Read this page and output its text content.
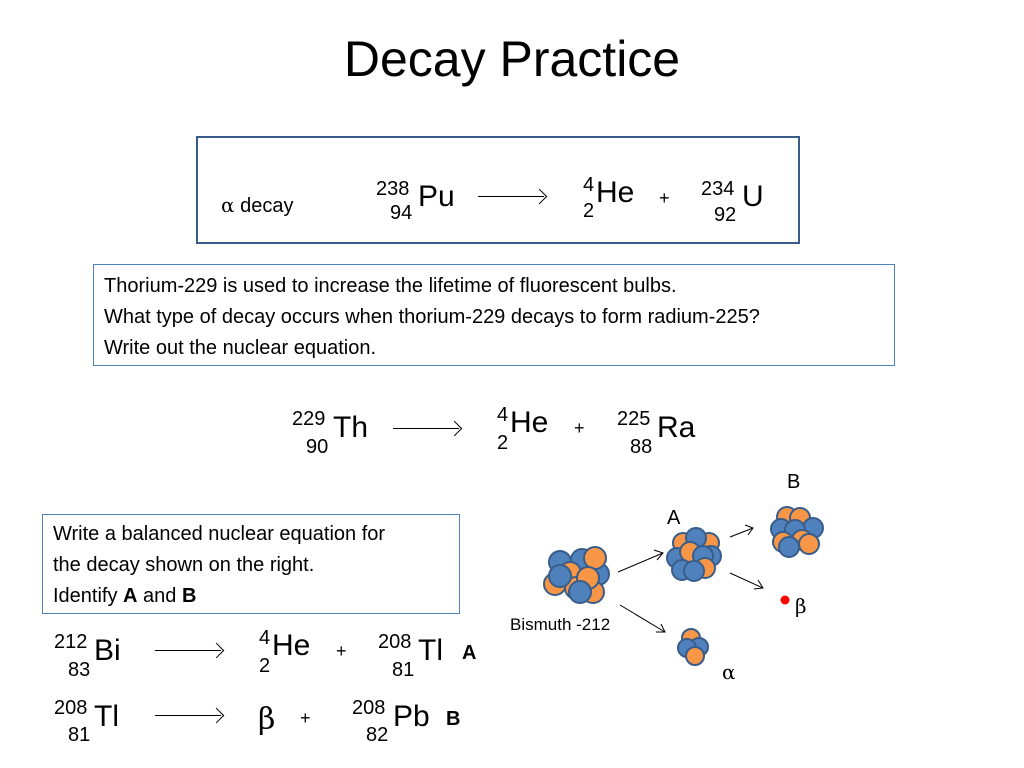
Decay Practice
α decay
238
94 Pu	4
2
He + 234
92
U
Thorium-229 is used to increase the lifetime of fluorescent bulbs.
What type of decay occurs when thorium-229 decays to form radium-225?
Write out the nuclear equation.
229
90
Th	4
2
He + 225
88
Ra
Write a balanced nuclear equation for
the decay shown on the right.
Identify A and B
Bismuth -212
A
B
β
α
212
83
Bi	4
2
He + 208
81
Tl A
208
81
Tl	β + 208
82
Pb B
